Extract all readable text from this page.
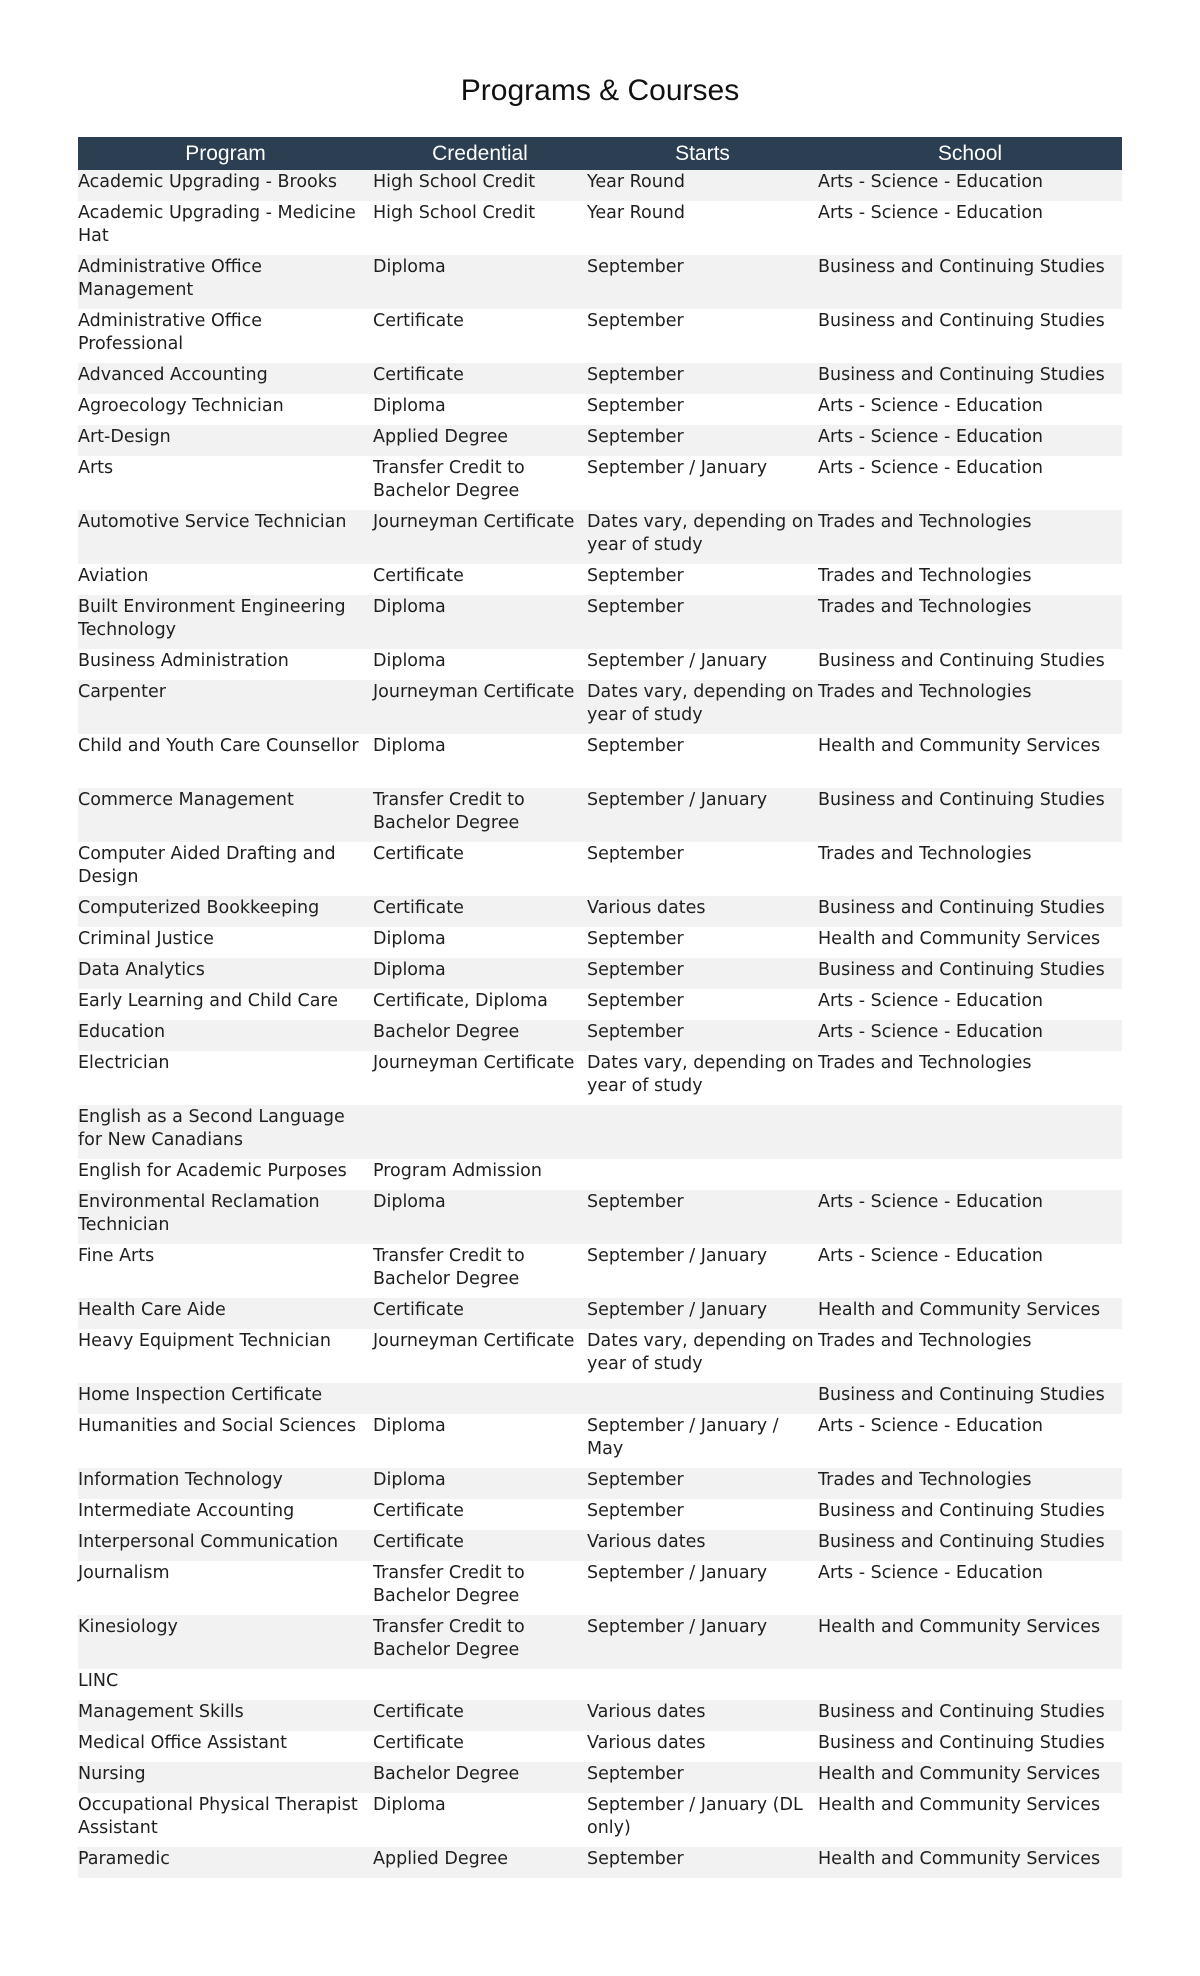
Programs & Courses
Program	Credential	Starts	School
Academic Upgrading - Brooks	High School Credit	Year Round	Arts - Science - Education
Academic Upgrading - Medicine Hat	High School Credit	Year Round	Arts - Science - Education
Administrative Office Management	Diploma	September	Business and Continuing Studies
Administrative Office Professional	Certificate	September	Business and Continuing Studies
Advanced Accounting	Certificate	September	Business and Continuing Studies
Agroecology Technician	Diploma	September	Arts - Science - Education
Art-Design	Applied Degree	September	Arts - Science - Education
Arts	Transfer Credit to Bachelor Degree	September / January	Arts - Science - Education
Automotive Service Technician	Journeyman Certificate	Dates vary, depending on year of study	Trades and Technologies
Aviation	Certificate	September	Trades and Technologies
Built Environment Engineering Technology	Diploma	September	Trades and Technologies
Business Administration	Diploma	September / January	Business and Continuing Studies
Carpenter	Journeyman Certificate	Dates vary, depending on year of study	Trades and Technologies
Child and Youth Care Counsellor	Diploma	September	Health and Community Services
Commerce Management	Transfer Credit to Bachelor Degree	September / January	Business and Continuing Studies
Computer Aided Drafting and Design	Certificate	September	Trades and Technologies
Computerized Bookkeeping	Certificate	Various dates	Business and Continuing Studies
Criminal Justice	Diploma	September	Health and Community Services
Data Analytics	Diploma	September	Business and Continuing Studies
Early Learning and Child Care	Certificate, Diploma	September	Arts - Science - Education
Education	Bachelor Degree	September	Arts - Science - Education
Electrician	Journeyman Certificate	Dates vary, depending on year of study	Trades and Technologies
English as a Second Language for New Canadians			
English for Academic Purposes	Program Admission		
Environmental Reclamation Technician	Diploma	September	Arts - Science - Education
Fine Arts	Transfer Credit to Bachelor Degree	September / January	Arts - Science - Education
Health Care Aide	Certificate	September / January	Health and Community Services
Heavy Equipment Technician	Journeyman Certificate	Dates vary, depending on year of study	Trades and Technologies
Home Inspection Certificate			Business and Continuing Studies
Humanities and Social Sciences	Diploma	September / January / May	Arts - Science - Education
Information Technology	Diploma	September	Trades and Technologies
Intermediate Accounting	Certificate	September	Business and Continuing Studies
Interpersonal Communication	Certificate	Various dates	Business and Continuing Studies
Journalism	Transfer Credit to Bachelor Degree	September / January	Arts - Science - Education
Kinesiology	Transfer Credit to Bachelor Degree	September / January	Health and Community Services
LINC			
Management Skills	Certificate	Various dates	Business and Continuing Studies
Medical Office Assistant	Certificate	Various dates	Business and Continuing Studies
Nursing	Bachelor Degree	September	Health and Community Services
Occupational Physical Therapist Assistant	Diploma	September / January (DL only)	Health and Community Services
Paramedic	Applied Degree	September	Health and Community Services
